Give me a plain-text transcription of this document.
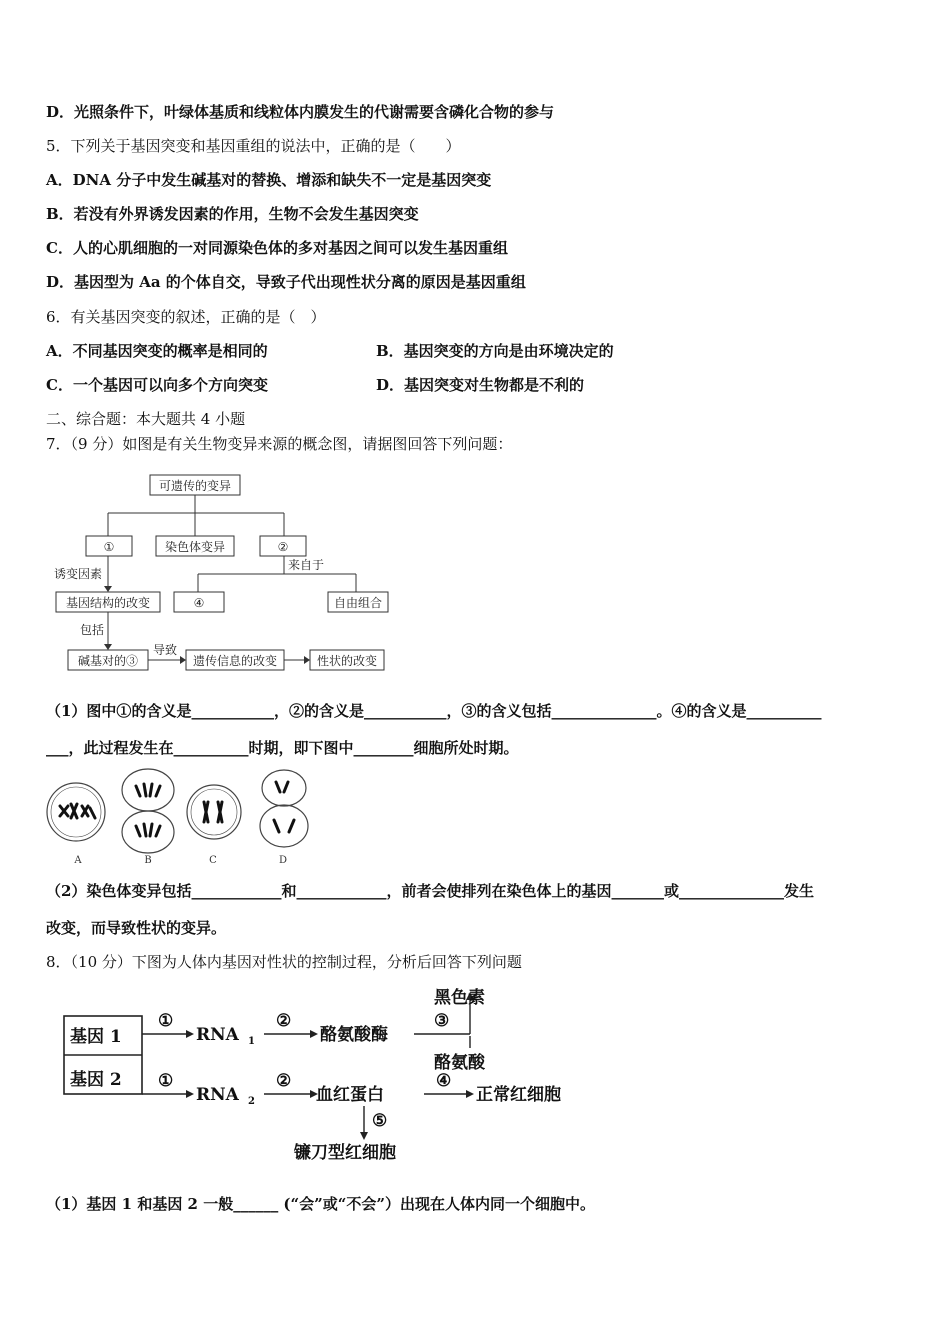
D．光照条件下，叶绿体基质和线粒体内膜发生的代谢需要含磷化合物的参与
5．下列关于基因突变和基因重组的说法中，正确的是（　　）
A．DNA 分子中发生碱基对的替换、增添和缺失不一定是基因突变
B．若没有外界诱发因素的作用，生物不会发生基因突变
C．人的心肌细胞的一对同源染色体的多对基因之间可以发生基因重组
D．基因型为 Aa 的个体自交，导致子代出现性状分离的原因是基因重组
6．有关基因突变的叙述，正确的是（　）
A．不同基因突变的概率是相同的	B．基因突变的方向是由环境决定的
C．一个基因可以向多个方向突变	D．基因突变对生物都是不利的
二、综合题：本大题共 4 小题
7．（9 分）如图是有关生物变异来源的概念图，请据图回答下列问题：
可遗传的变异
①	染色体变异	②
诱变因素
来自于
基因结构的改变	④	自由组合
包括
碱基对的③
导致
遗传信息的改变	性状的改变
（1）图中①的含义是___________，②的含义是___________，③的含义包括______________。④的含义是__________
___，此过程发生在__________时期，即下图中________细胞所处时期。
A	B	C	D
（2）染色体变异包括____________和____________，前者会使排列在染色体上的基因_______或______________发生
改变，而导致性状的变异。
8．（10 分）下图为人体内基因对性状的控制过程，分析后回答下列问题
基因 1
基因 2
①
RNA 1
②
酪氨酸酶
③
黑色素
酪氨酸
①
RNA 2
②
血红蛋白
④
正常红细胞
⑤
镰刀型红细胞
（1）基因 1 和基因 2 一般______ (“会”或“不会”）出现在人体内同一个细胞中。
